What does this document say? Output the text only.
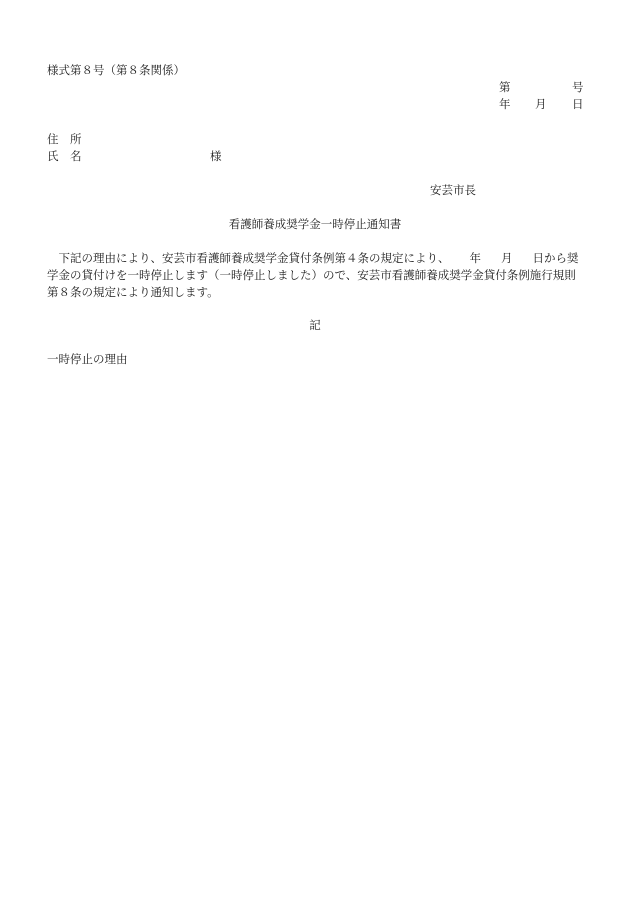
様式第８号（第８条関係）
第	号
年 月 日
住　所
氏　名	様
安芸市長
看護師養成奨学金一時停止通知書
下記の理由により、安芸市看護師養成奨学金貸付条例第４条の規定により、 年 月 日から奨学金の貸付けを一時停止します（一時停止しました）ので、安芸市看護師養成奨学金貸付条例施行規則第８条の規定により通知します。
記
一時停止の理由
